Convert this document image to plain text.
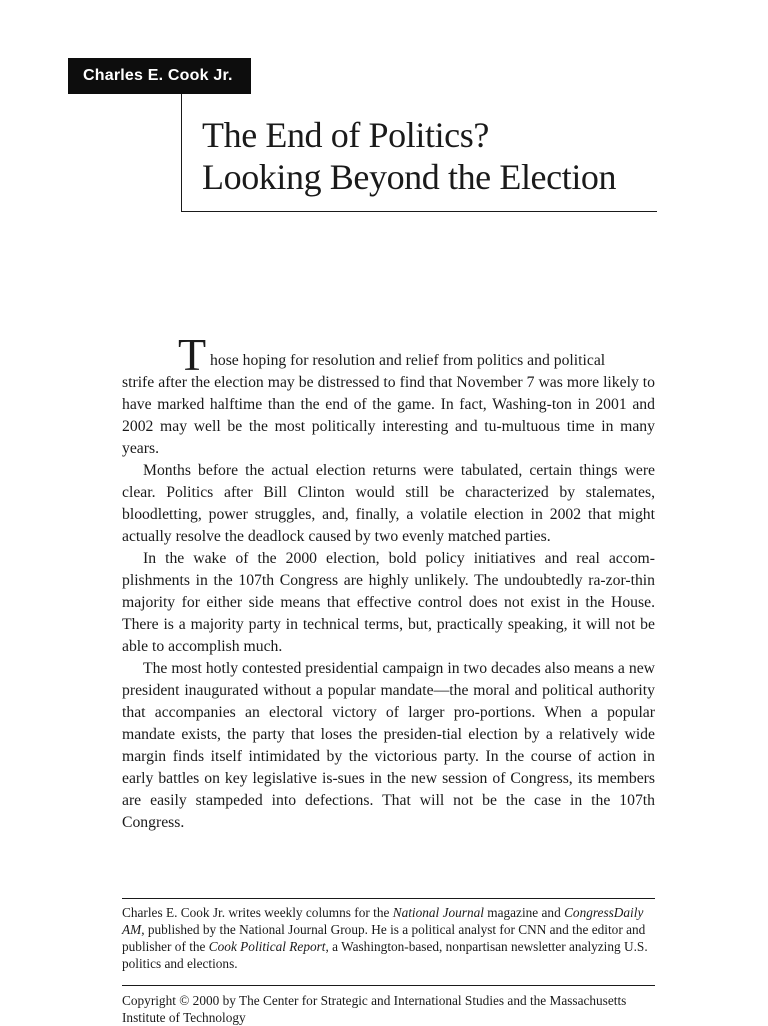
Charles E. Cook Jr.
The End of Politics?
Looking Beyond the Election

T hose hoping for resolution and relief from politics and political
strife after the election may be distressed to find that November 7 was more likely to have marked halftime than the end of the game. In fact, Washing-ton in 2001 and 2002 may well be the most politically interesting and tu-multuous time in many years.

Months before the actual election returns were tabulated, certain things were clear. Politics after Bill Clinton would still be characterized by stalemates, bloodletting, power struggles, and, finally, a volatile election in 2002 that might actually resolve the deadlock caused by two evenly matched parties.

In the wake of the 2000 election, bold policy initiatives and real accom-plishments in the 107th Congress are highly unlikely. The undoubtedly ra-zor-thin majority for either side means that effective control does not exist in the House. There is a majority party in technical terms, but, practically speaking, it will not be able to accomplish much.

The most hotly contested presidential campaign in two decades also means a new president inaugurated without a popular mandate—the moral and political authority that accompanies an electoral victory of larger pro-portions. When a popular mandate exists, the party that loses the presiden-tial election by a relatively wide margin finds itself intimidated by the victorious party. In the course of action in early battles on key legislative is-sues in the new session of Congress, its members are easily stampeded into defections. That will not be the case in the 107th Congress.

Charles E. Cook Jr. writes weekly columns for the National Journal magazine and CongressDaily AM, published by the National Journal Group. He is a political analyst for CNN and the editor and publisher of the Cook Political Report, a Washington-based, nonpartisan newsletter analyzing U.S. politics and elections.

Copyright © 2000 by The Center for Strategic and International Studies and the Massachusetts Institute of Technology
